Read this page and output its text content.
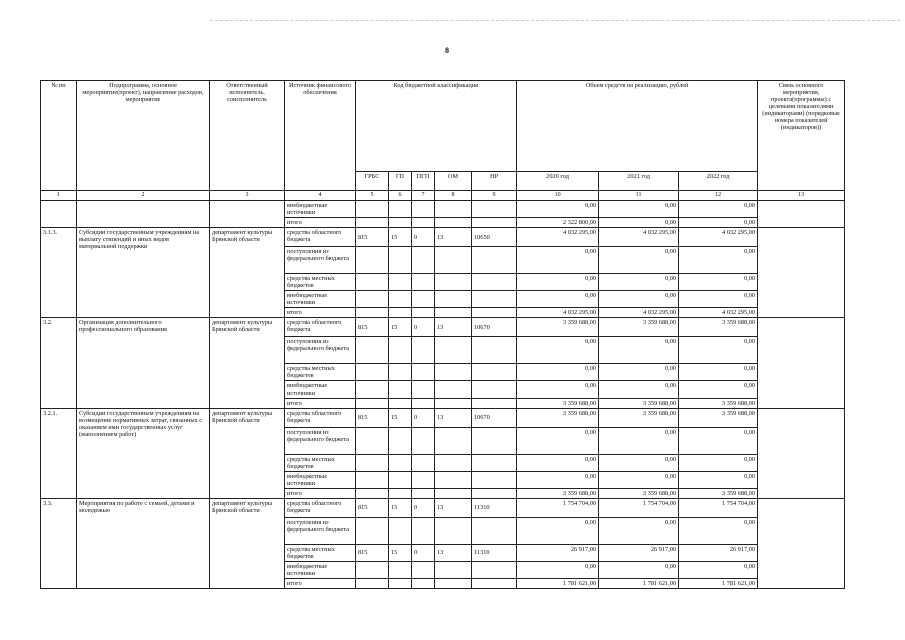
8
№ пп	Подпрограмма, основное мероприятие(проект), направление расходов, мероприятие	Ответственный исполнитель, соисполнитель	Источник финансового обеспечения	Код бюджетной классификации					Объем средств на реализацию, рублей			Связь основного мероприятия, проекта(программы) с целевыми показателями (индикаторами) (порядковые номера показателей (индикаторов))
				ГРБС	ГП	ПГП	ОМ	НР	2020 год	2021 год	2022 год	
1	2	3	4	5	6	7	8	9	10	11	12	13
			внебюджетные источники						0,00	0,00	0,00	
			итого						2 322 800,00	0,00	0,00	
3.1.3.	Субсидии государственным учреждениям на выплату стипендий и иных видов материальной поддержки	департамент культуры Брянской области	средства областного бюджета	815	15	0	13	10650	4 032 295,00	4 032 295,00	4 032 295,00	
			поступления из федерального бюджета						0,00	0,00	0,00	
			средства местных бюджетов						0,00	0,00	0,00	
			внебюджетные источники						0,00	0,00	0,00	
			итого						4 032 295,00	4 032 295,00	4 032 295,00	
3.2.	Организация дополнительного профессионального образования	департамент культуры Брянской области	средства областного бюджета	815	15	0	13	10670	3 359 688,00	3 359 688,00	3 359 688,00	
			поступления из федерального бюджета						0,00	0,00	0,00	
			средства местных бюджетов						0,00	0,00	0,00	
			внебюджетные источники						0,00	0,00	0,00	
			итого						3 359 688,00	3 359 688,00	3 359 688,00	
3.2.1.	Субсидии государственным учреждениям на возмещение нормативных затрат, связанных с оказанием ими государственных услуг (выполнением работ)	департамент культуры Брянской области	средства областного бюджета	815	15	0	13	10670	3 359 688,00	3 359 688,00	3 359 688,00	
			поступления из федерального бюджета						0,00	0,00	0,00	
			средства местных бюджетов						0,00	0,00	0,00	
			внебюджетные источники						0,00	0,00	0,00	
			итого						3 359 688,00	3 359 688,00	3 359 688,00	
3.3.	Мероприятия по работе с семьей, детьми и молодежью	департамент культуры Брянской области	средства областного бюджета	815	15	0	13	11310	1 754 704,00	1 754 704,00	1 754 704,00	
			поступления из федерального бюджета						0,00	0,00	0,00	
			средства местных бюджетов	815	15	0	13	11310	26 917,00	26 917,00	26 917,00	
			внебюджетные источники						0,00	0,00	0,00	
			итого						1 781 621,00	1 781 621,00	1 781 621,00	
